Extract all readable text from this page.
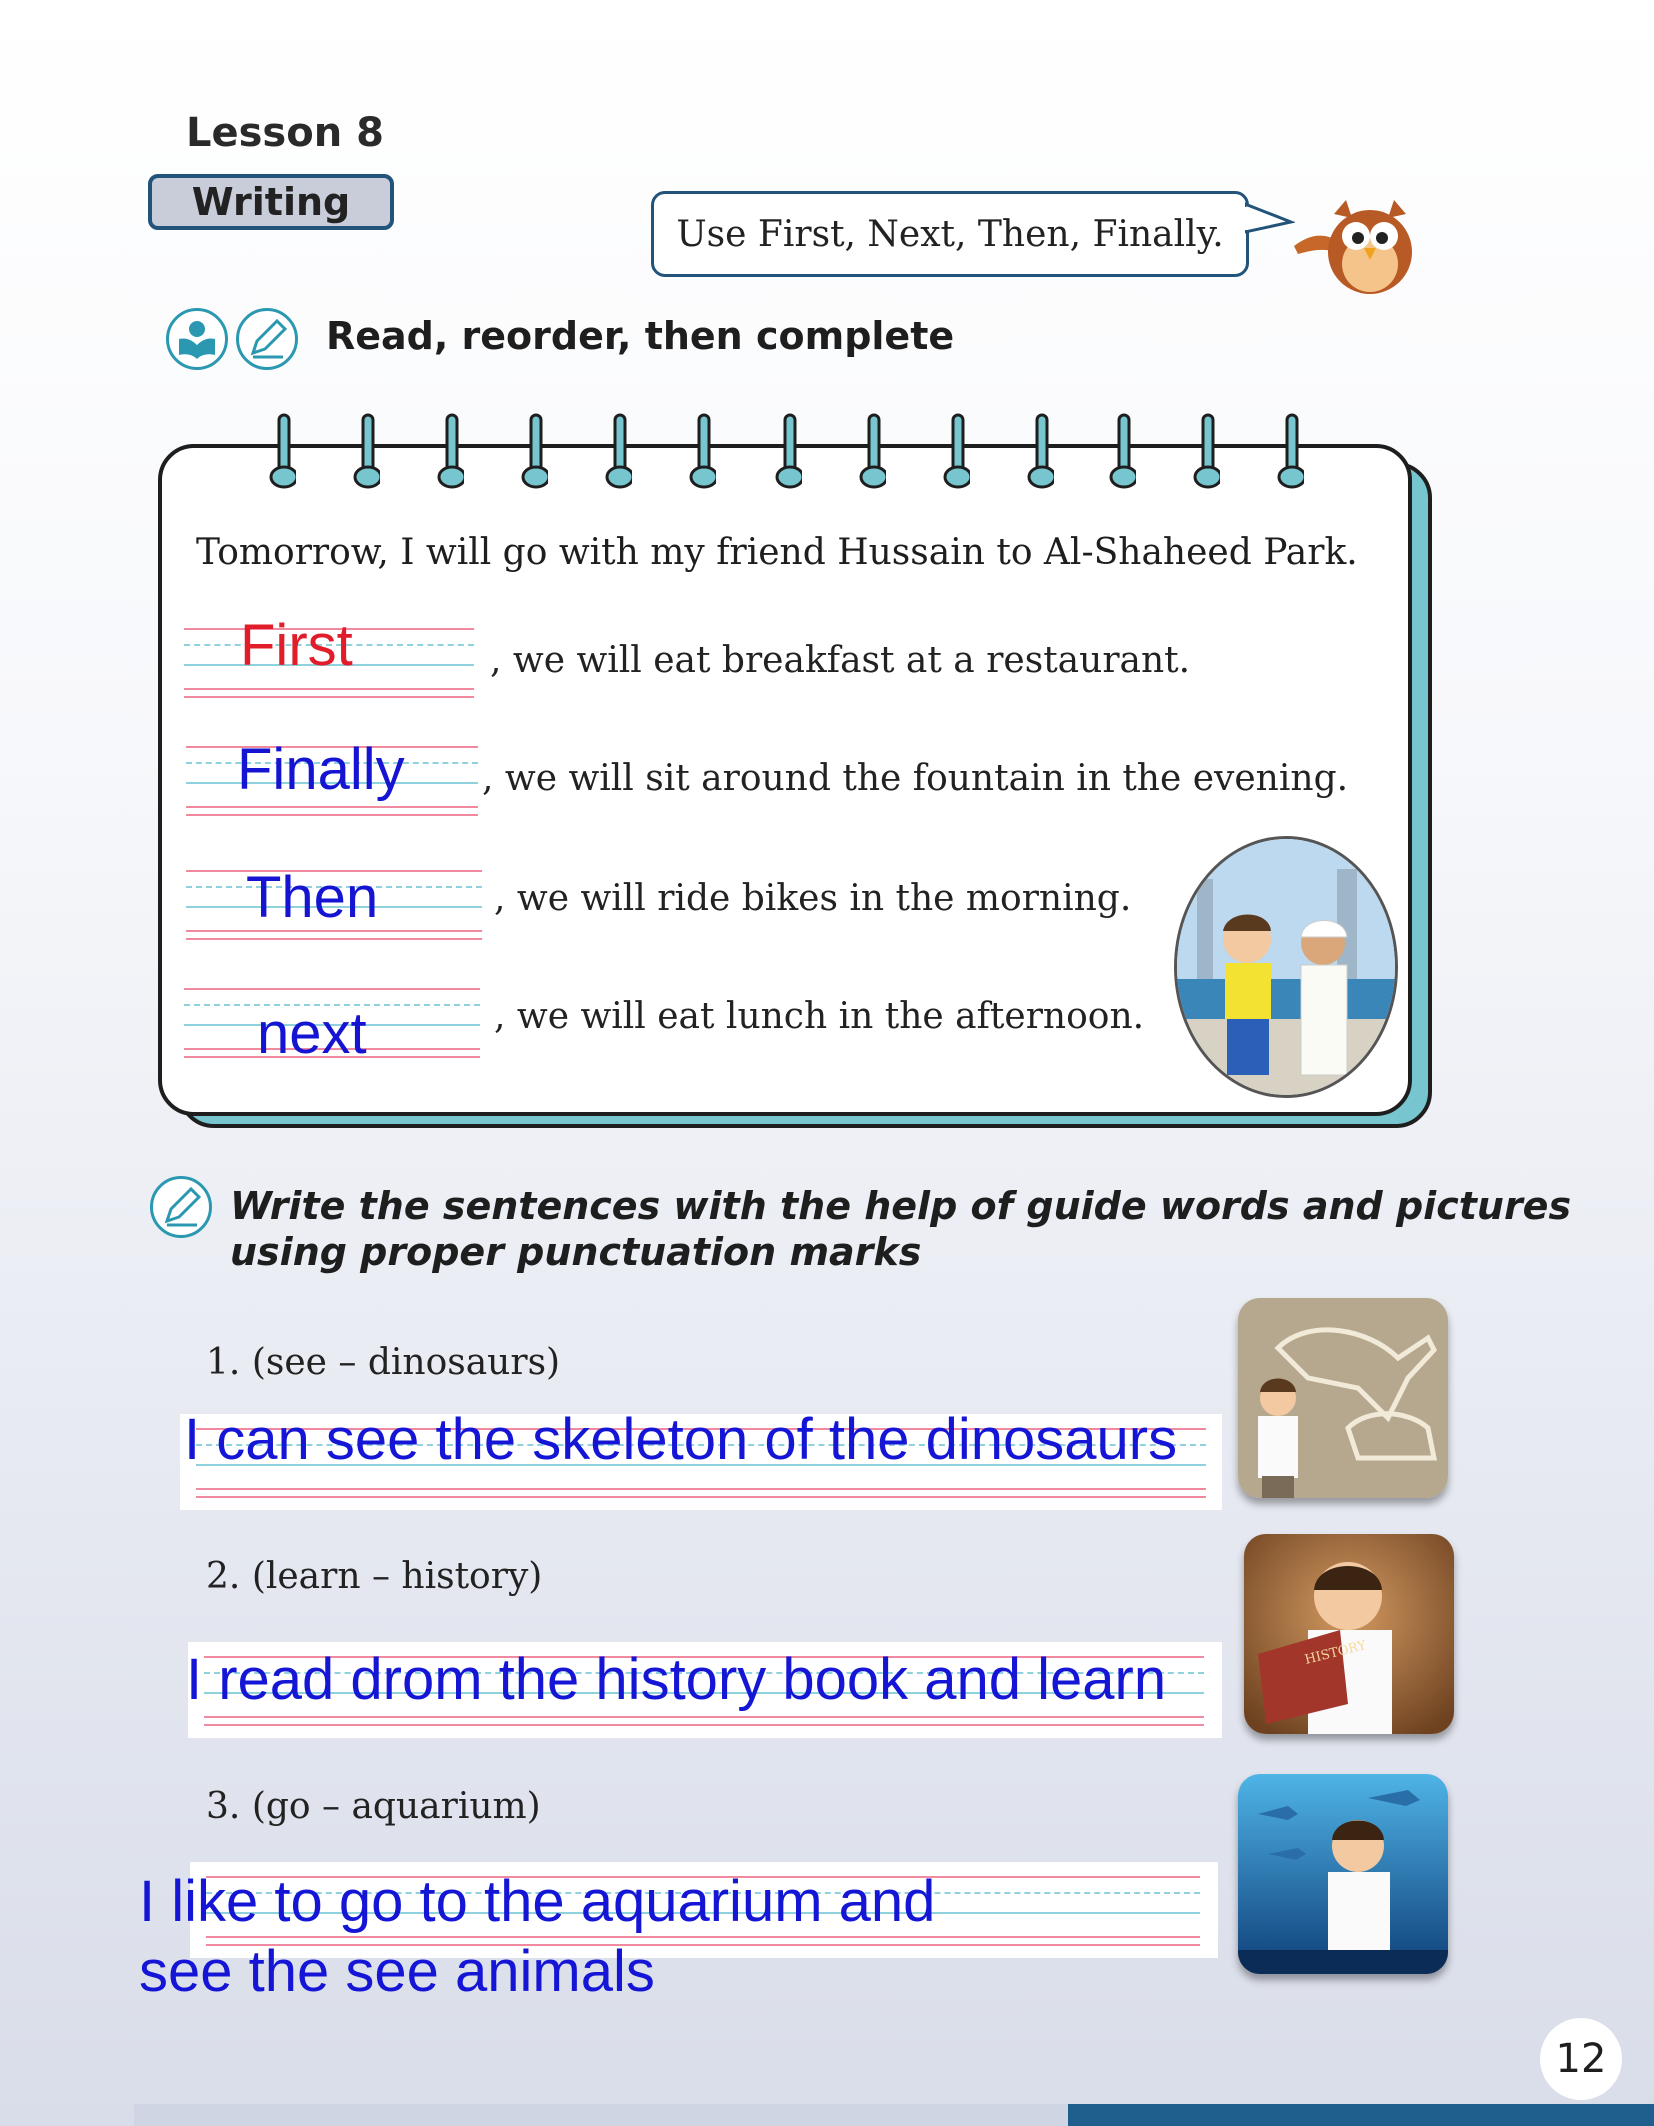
Lesson 8
Writing
Use First, Next, Then, Finally.
Read, reorder, then complete
Tomorrow, I will go with my friend Hussain to Al-Shaheed Park.
First	, we will eat breakfast at a restaurant.
Finally , we will sit around the fountain in the evening.
Then	, we will ride bikes in the morning.
next	, we will eat lunch in the afternoon.
Write the sentences with the help of guide words and pictures
using proper punctuation marks
1. (see – dinosaurs)
I can see the skeleton of the dinosaurs
2. (learn – history)
I read drom the history book and learn	HISTORY
3. (go – aquarium)
I like to go to the aquarium and
see the see animals
12
